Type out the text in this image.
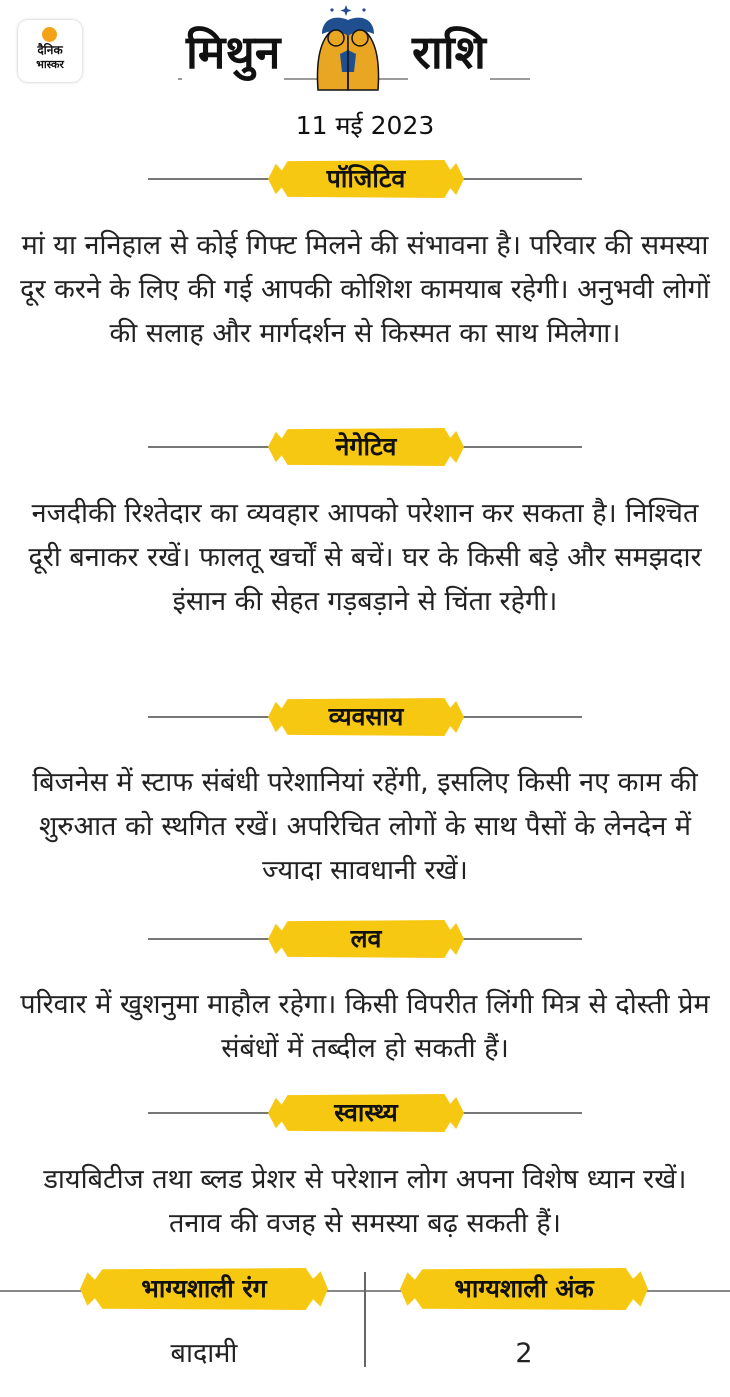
दैनिक
भास्कर	मिथुन	राशि
11 मई 2023
पॉजिटिव
मां या ननिहाल से कोई गिफ्ट मिलने की संभावना है। परिवार की समस्या दूर करने के लिए की गई आपकी कोशिश कामयाब रहेगी। अनुभवी लोगों की सलाह और मार्गदर्शन से किस्मत का साथ मिलेगा।
नेगेटिव
नजदीकी रिश्तेदार का व्यवहार आपको परेशान कर सकता है। निश्चित दूरी बनाकर रखें। फालतू खर्चों से बचें। घर के किसी बड़े और समझदार इंसान की सेहत गड़बड़ाने से चिंता रहेगी।
व्यवसाय
बिजनेस में स्टाफ संबंधी परेशानियां रहेंगी, इसलिए किसी नए काम की शुरुआत को स्थगित रखें। अपरिचित लोगों के साथ पैसों के लेनदेन में ज्यादा सावधानी रखें।
लव
परिवार में खुशनुमा माहौल रहेगा। किसी विपरीत लिंगी मित्र से दोस्ती प्रेम संबंधों में तब्दील हो सकती हैं।
स्वास्थ्य
डायबिटीज तथा ब्लड प्रेशर से परेशान लोग अपना विशेष ध्यान रखें। तनाव की वजह से समस्या बढ़ सकती हैं।
भाग्यशाली रंग	भाग्यशाली अंक
बादामी	2
